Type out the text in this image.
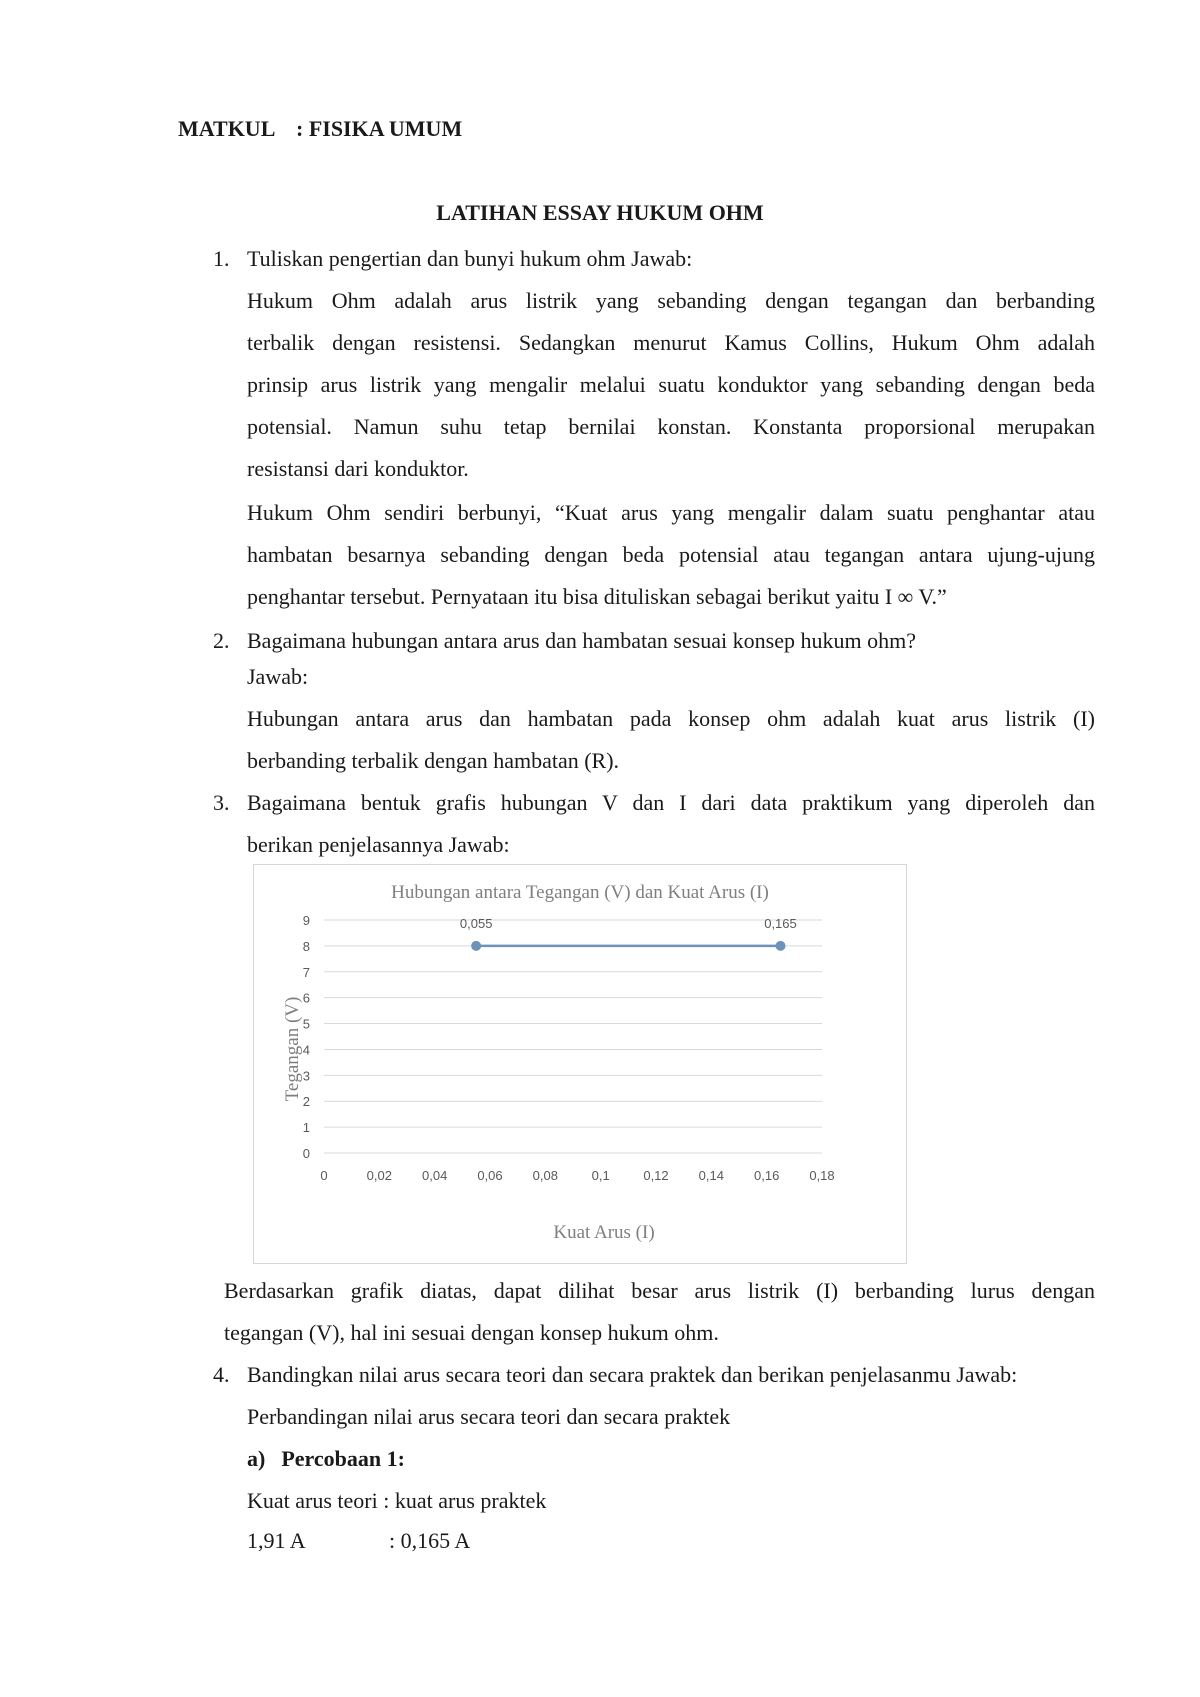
MATKUL : FISIKA UMUM
LATIHAN ESSAY HUKUM OHM
1. Tuliskan pengertian dan bunyi hukum ohm Jawab:
Hukum Ohm adalah arus listrik yang sebanding dengan tegangan dan berbanding
terbalik dengan resistensi. Sedangkan menurut Kamus Collins, Hukum Ohm adalah
prinsip arus listrik yang mengalir melalui suatu konduktor yang sebanding dengan beda
potensial. Namun suhu tetap bernilai konstan. Konstanta proporsional merupakan
resistansi dari konduktor.
Hukum Ohm sendiri berbunyi, “Kuat arus yang mengalir dalam suatu penghantar atau
hambatan besarnya sebanding dengan beda potensial atau tegangan antara ujung-ujung
penghantar tersebut. Pernyataan itu bisa dituliskan sebagai berikut yaitu I ∞ V.”
2. Bagaimana hubungan antara arus dan hambatan sesuai konsep hukum ohm?
Jawab:
Hubungan antara arus dan hambatan pada konsep ohm adalah kuat arus listrik (I)
berbanding terbalik dengan hambatan (R).
3. Bagaimana bentuk grafis hubungan V dan I dari data praktikum yang diperoleh dan
berikan penjelasannya Jawab:
Hubungan antara Tegangan (V) dan Kuat Arus (I)
0
1
2
3
4
5
6
7
8
9
0	0,02 0,04 0,06 0,08	0,1	0,12 0,14 0,16 0,18
0,055	0,165
Kuat Arus (I)
Tegangan (V)
Berdasarkan grafik diatas, dapat dilihat besar arus listrik (I) berbanding lurus dengan
tegangan (V), hal ini sesuai dengan konsep hukum ohm.
4. Bandingkan nilai arus secara teori dan secara praktek dan berikan penjelasanmu Jawab:
Perbandingan nilai arus secara teori dan secara praktek
a) Percobaan 1:
Kuat arus teori : kuat arus praktek
1,91 A	: 0,165 A
